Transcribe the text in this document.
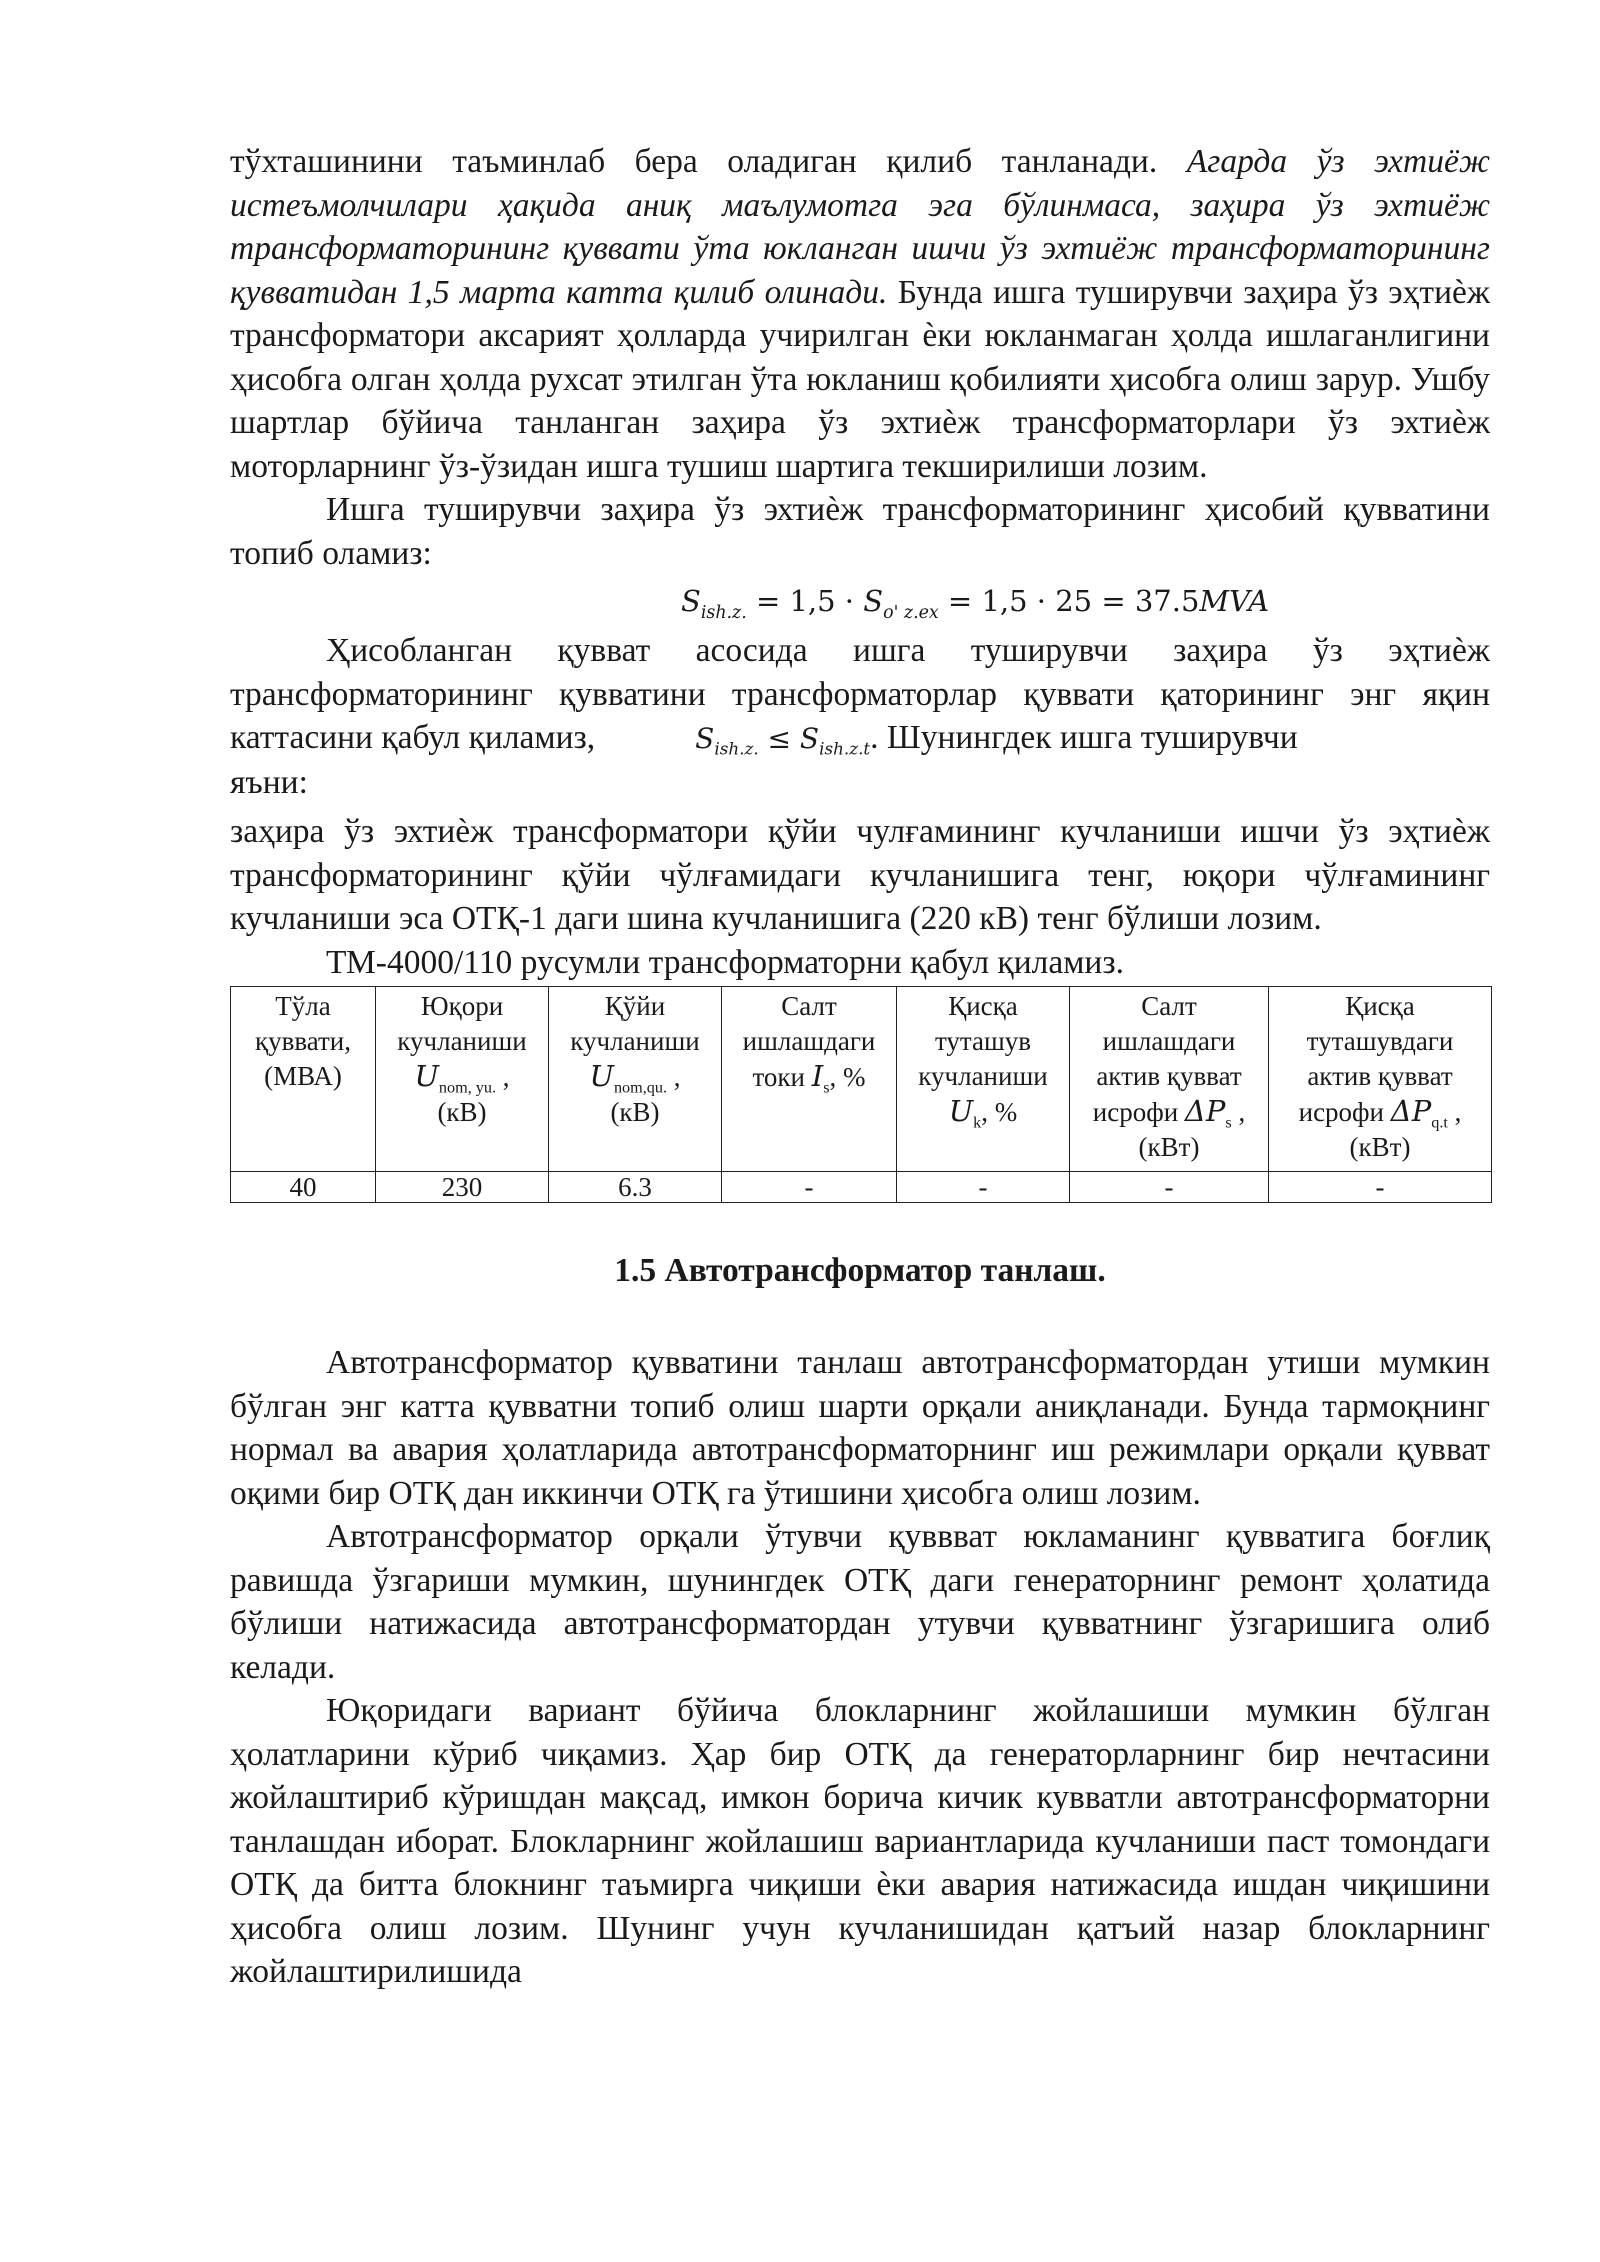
тўхташинини таъминлаб бера оладиган қилиб танланади. Агарда ўз эхтиёж истеъмолчилари ҳақида аниқ маълумотга эга бўлинмаса, заҳира ўз эхтиёж трансформаторининг қуввати ўта юкланган ишчи ўз эхтиёж трансформаторининг қувватидан 1,5 марта катта қилиб олинади. Бунда ишга туширувчи заҳира ўз эҳтиѐж трансформатори аксарият ҳолларда учирилган ѐки юкланмаган ҳолда ишлаганлигини ҳисобга олган ҳолда рухсат этилган ўта юкланиш қобилияти ҳисобга олиш зарур. Ушбу шартлар бўйича танланган заҳира ўз эхтиѐж трансформаторлари ўз эхтиѐж моторларнинг ўз-ўзидан ишга тушиш шартига текширилиши лозим.

Ишга туширувчи заҳира ўз эхтиѐж трансформаторининг ҳисобий қувватини топиб оламиз:

$S_{ish.z.} = 1,5 \cdot S_{o' z.ex} = 1,5 \cdot 25 = 37.5MVA$

Ҳисобланган қувват асосида ишга туширувчи заҳира ўз эҳтиѐж трансформаторининг қувватини трансформаторлар қуввати қаторининг энг яқин каттасини қабул қиламиз,	$S_{ish.z.} \le S_{ish.z.t}$. Шунингдек ишга туширувчи

яъни:

заҳира ўз эхтиѐж трансформатори қўйи чулғамининг кучланиши ишчи ўз эҳтиѐж трансформаторининг қўйи чўлғамидаги кучланишига тенг, юқори чўлғамининг кучланиши эса ОТҚ-1 даги шина кучланишига (220 кВ) тенг бўлиши лозим.

ТМ-4000/110 русумли трансформаторни қабул қиламиз.

Тўла қуввати, (МВА)	Юқори кучланиши
$U_{nom, yu.}$ ,
(кВ)	Қўйи кучланиши
$U_{nom,qu.}$ ,
(кВ)	Салт ишлашдаги токи $I_s$, %	Қисқа туташув кучланиши
$U_k$, %	Салт ишлашдаги актив қувват исрофи $\Delta P_s$ ,
(кВт)	Қисқа туташувдаги актив қувват исрофи $\Delta P_{q.t}$ ,
(кВт)
40	230	6.3	-	-	-	-
1.5 Автотрансформатор танлаш.

Автотрансформатор қувватини танлаш автотрансформатордан утиши мумкин бўлган энг катта қувватни топиб олиш шарти орқали аниқланади. Бунда тармоқнинг нормал ва авария ҳолатларида автотрансформаторнинг иш режимлари орқали қувват оқими бир ОТҚ дан иккинчи ОТҚ га ўтишини ҳисобга олиш лозим.

Автотрансформатор орқали ўтувчи қуввват юкламанинг қувватига боғлиқ равишда ўзгариши мумкин, шунингдек ОТҚ даги генераторнинг ремонт ҳолатида бўлиши натижасида автотрансформатордан утувчи қувватнинг ўзгаришига олиб келади.

Юқоридаги вариант бўйича блокларнинг жойлашиши мумкин бўлган ҳолатларини кўриб чиқамиз. Ҳар бир ОТҚ да генераторларнинг бир нечтасини жойлаштириб кўришдан мақсад, имкон борича кичик кувватли автотрансформаторни танлашдан иборат. Блокларнинг жойлашиш вариантларида кучланиши паст томондаги ОТҚ да битта блокнинг таъмирга чиқиши ѐки авария натижасида ишдан чиқишини ҳисобга олиш лозим. Шунинг учун кучланишидан қатъий назар блокларнинг жойлаштирилишида
